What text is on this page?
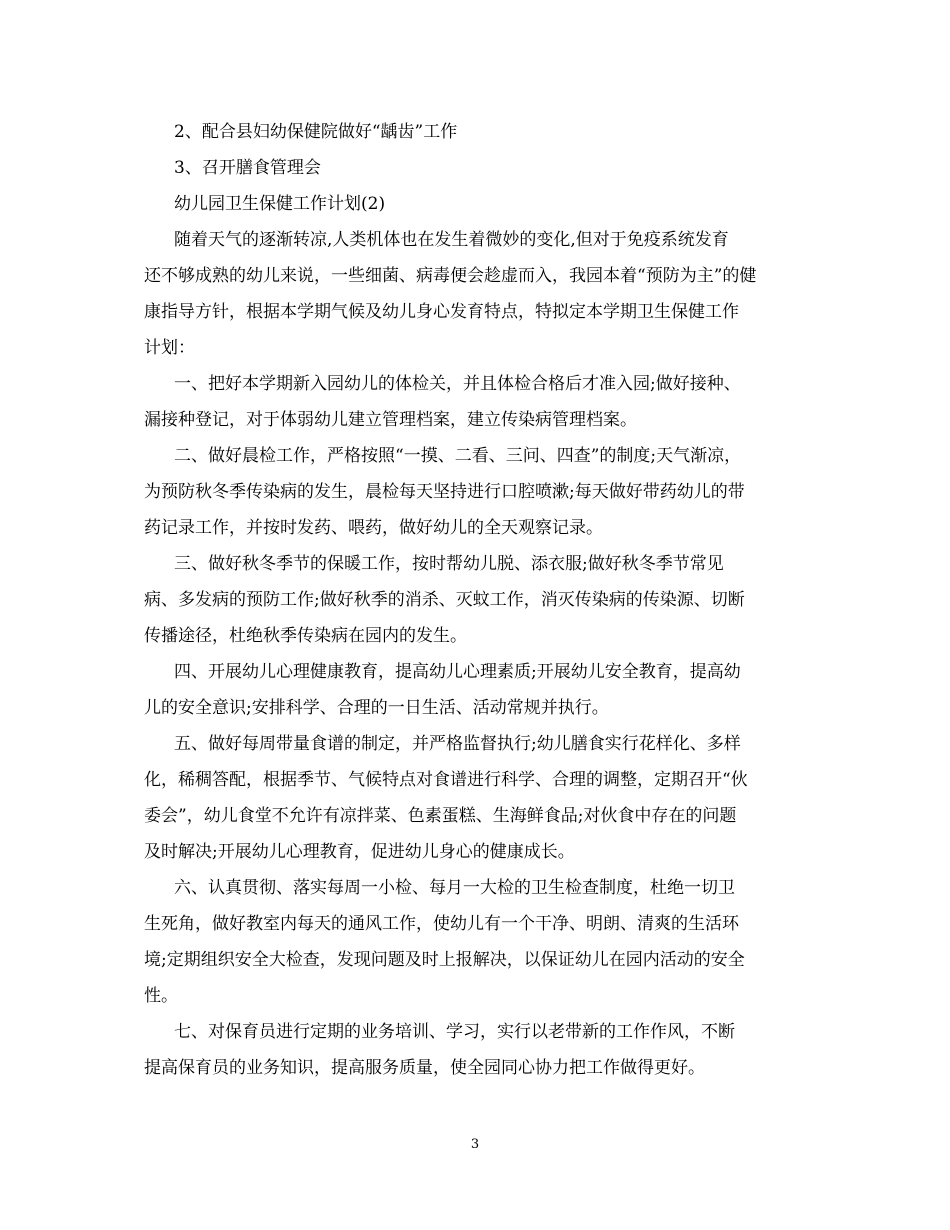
2、配合县妇幼保健院做好“龋齿”工作
3、召开膳食管理会
幼儿园卫生保健工作计划(2)
随着天气的逐渐转凉,人类机体也在发生着微妙的变化,但对于免疫系统发育
还不够成熟的幼儿来说，一些细菌、病毒便会趁虚而入，我园本着“预防为主”的健
康指导方针，根据本学期气候及幼儿身心发育特点，特拟定本学期卫生保健工作
计划：
一、把好本学期新入园幼儿的体检关，并且体检合格后才准入园;做好接种、
漏接种登记，对于体弱幼儿建立管理档案，建立传染病管理档案。
二、做好晨检工作，严格按照“一摸、二看、三问、四查”的制度;天气渐凉，
为预防秋冬季传染病的发生，晨检每天坚持进行口腔喷漱;每天做好带药幼儿的带
药记录工作，并按时发药、喂药，做好幼儿的全天观察记录。
三、做好秋冬季节的保暖工作，按时帮幼儿脱、添衣服;做好秋冬季节常见
病、多发病的预防工作;做好秋季的消杀、灭蚊工作，消灭传染病的传染源、切断
传播途径，杜绝秋季传染病在园内的发生。
四、开展幼儿心理健康教育，提高幼儿心理素质;开展幼儿安全教育，提高幼
儿的安全意识;安排科学、合理的一日生活、活动常规并执行。
五、做好每周带量食谱的制定，并严格监督执行;幼儿膳食实行花样化、多样
化，稀稠答配，根据季节、气候特点对食谱进行科学、合理的调整，定期召开“伙
委会”，幼儿食堂不允许有凉拌菜、色素蛋糕、生海鲜食品;对伙食中存在的问题
及时解决;开展幼儿心理教育，促进幼儿身心的健康成长。
六、认真贯彻、落实每周一小检、每月一大检的卫生检查制度，杜绝一切卫
生死角，做好教室内每天的通风工作，使幼儿有一个干净、明朗、清爽的生活环
境;定期组织安全大检查，发现问题及时上报解决，以保证幼儿在园内活动的安全
性。
七、对保育员进行定期的业务培训、学习，实行以老带新的工作作风，不断
提高保育员的业务知识，提高服务质量，使全园同心协力把工作做得更好。
3
